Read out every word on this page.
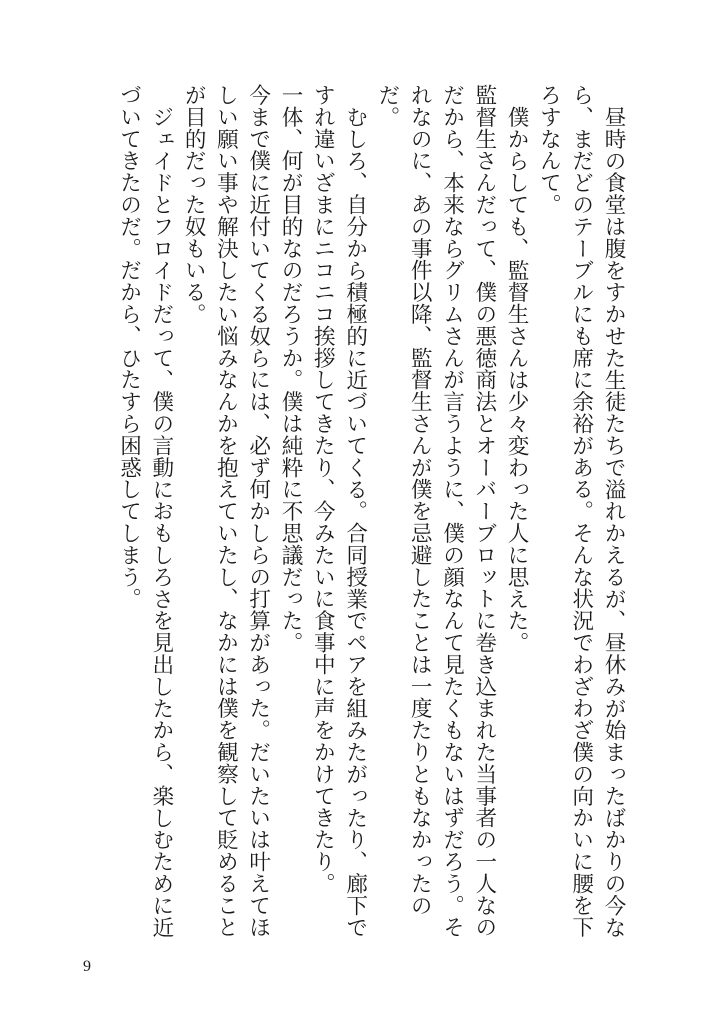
昼時の食堂は腹をすかせた生徒たちで溢れかえるが、昼休みが始まったばかりの今なら、まだどのテーブルにも席に余裕がある。そんな状況でわざわざ僕の向かいに腰を下ろすなんて。

僕からしても、監督生さんは少々変わった人に思えた。

監督生さんだって、僕の悪徳商法とオーバーブロットに巻き込まれた当事者の一人なのだから、本来ならグリムさんが言うように、僕の顔なんて見たくもないはずだろう。それなのに、あの事件以降、監督生さんが僕を忌避したことは一度たりともなかったのだ。

むしろ、自分から積極的に近づいてくる。合同授業でペアを組みたがったり、廊下ですれ違いざまにニコニコ挨拶してきたり、今みたいに食事中に声をかけてきたり。

一体、何が目的なのだろうか。僕は純粋に不思議だった。

今まで僕に近付いてくる奴らには、必ず何かしらの打算があった。だいたいは叶えてほしい願い事や解決したい悩みなんかを抱えていたし、なかには僕を観察して貶めることが目的だった奴もいる。

ジェイドとフロイドだって、僕の言動におもしろさを見出したから、楽しむために近づいてきたのだ。だから、ひたすら困惑してしまう。

9
